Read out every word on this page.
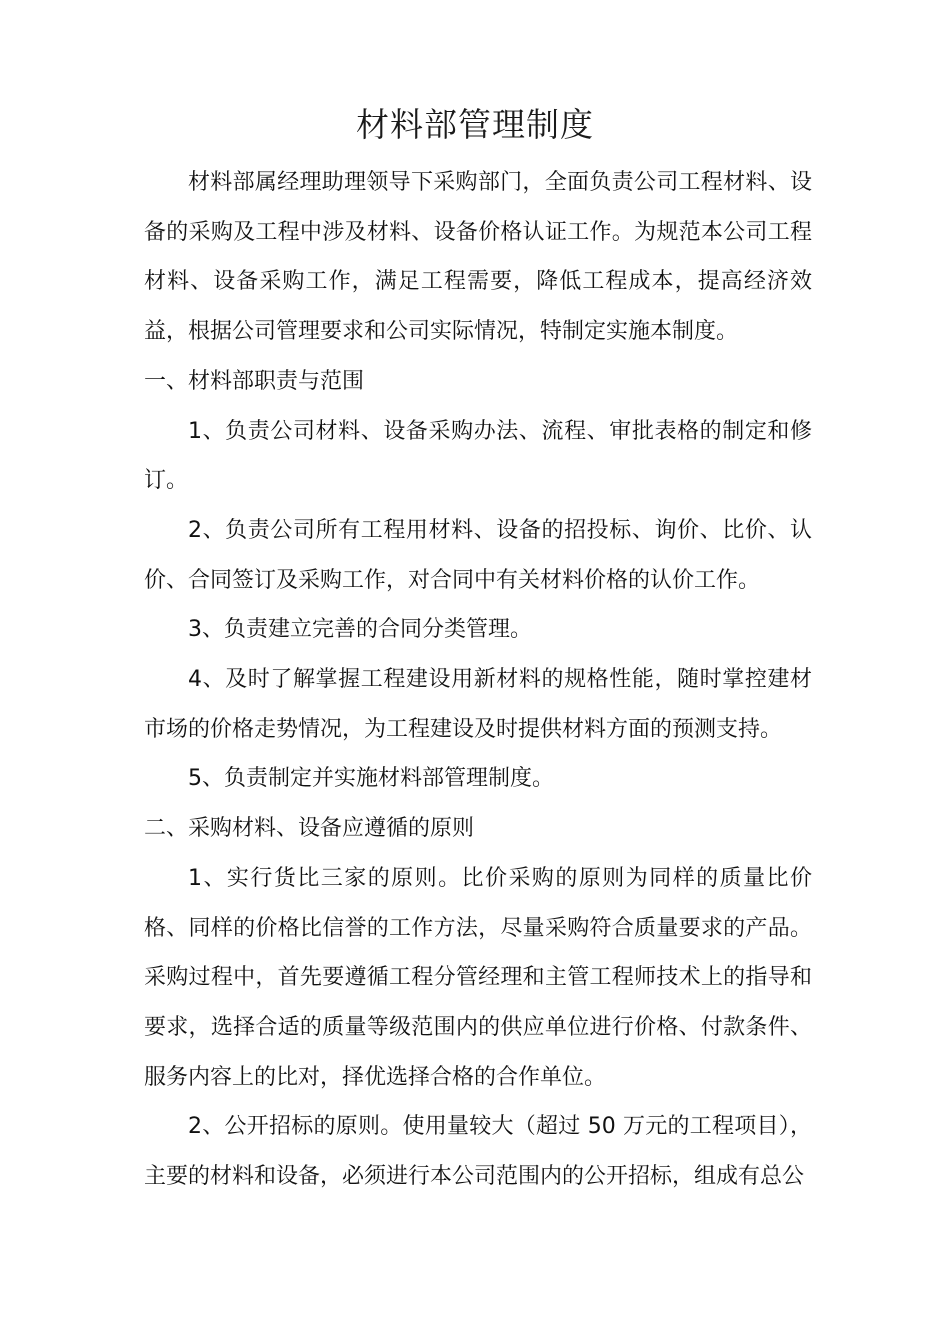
材料部管理制度

材料部属经理助理领导下采购部门，全面负责公司工程材料、设备的采购及工程中涉及材料、设备价格认证工作。为规范本公司工程材料、设备采购工作，满足工程需要，降低工程成本，提高经济效益，根据公司管理要求和公司实际情况，特制定实施本制度。

一、材料部职责与范围

1、负责公司材料、设备采购办法、流程、审批表格的制定和修订。

2、负责公司所有工程用材料、设备的招投标、询价、比价、认价、合同签订及采购工作，对合同中有关材料价格的认价工作。

3、负责建立完善的合同分类管理。

4、及时了解掌握工程建设用新材料的规格性能，随时掌控建材市场的价格走势情况，为工程建设及时提供材料方面的预测支持。

5、负责制定并实施材料部管理制度。

二、采购材料、设备应遵循的原则

1、实行货比三家的原则。比价采购的原则为同样的质量比价格、同样的价格比信誉的工作方法，尽量采购符合质量要求的产品。采购过程中，首先要遵循工程分管经理和主管工程师技术上的指导和要求，选择合适的质量等级范围内的供应单位进行价格、付款条件、服务内容上的比对，择优选择合格的合作单位。

2、公开招标的原则。使用量较大（超过 50 万元的工程项目），主要的材料和设备，必须进行本公司范围内的公开招标，组成有总公
